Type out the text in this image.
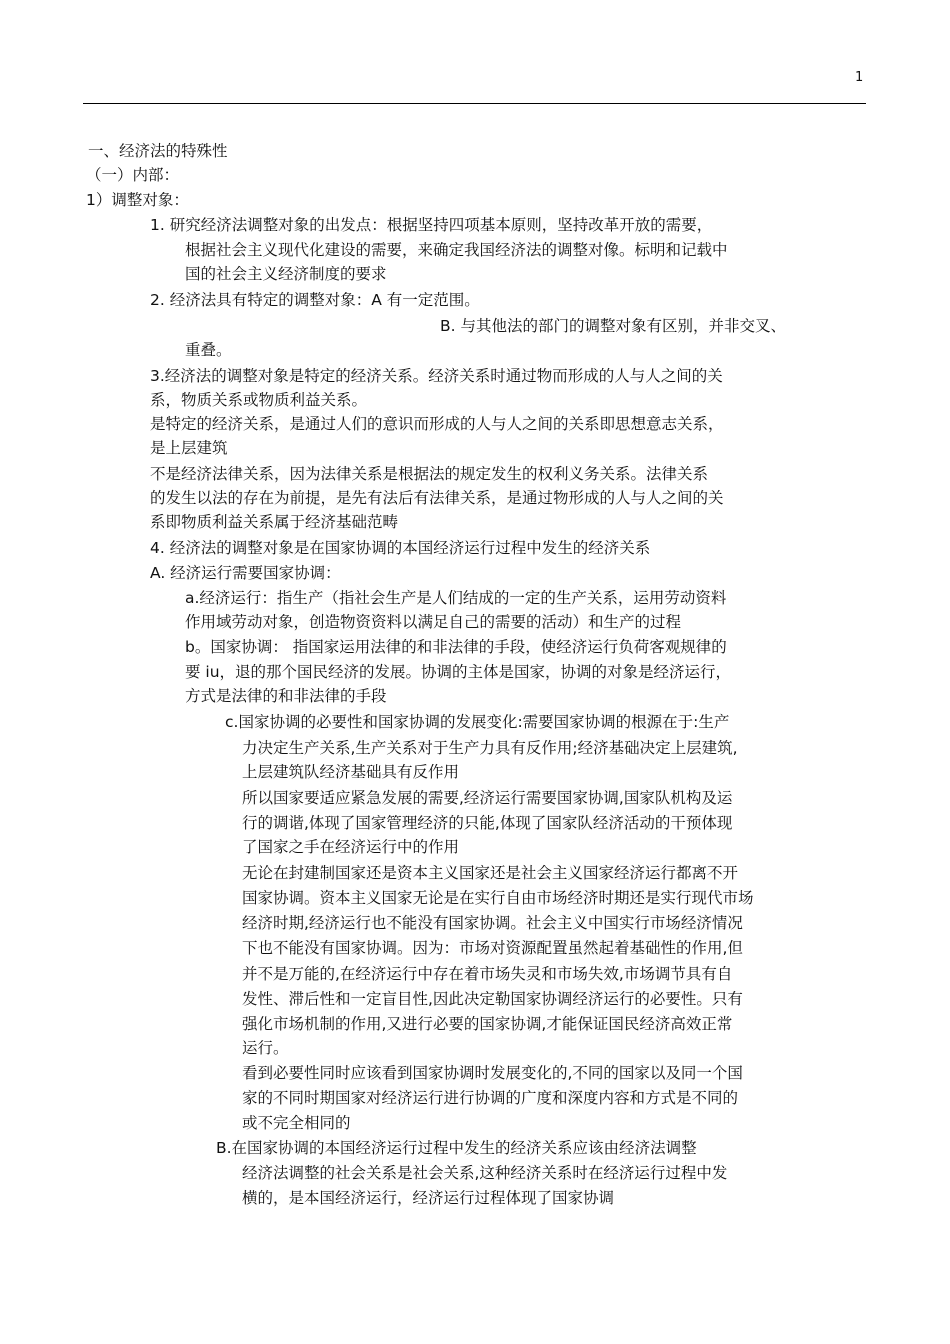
1
一、经济法的特殊性
（一）内部：
1）调整对象：
1. 研究经济法调整对象的出发点：根据坚持四项基本原则，坚持改革开放的需要，
根据社会主义现代化建设的需要，来确定我国经济法的调整对像。标明和记载中
国的社会主义经济制度的要求
2. 经济法具有特定的调整对象：A 有一定范围。
B. 与其他法的部门的调整对象有区别，并非交叉、
重叠。
3.经济法的调整对象是特定的经济关系。经济关系时通过物而形成的人与人之间的关
系，物质关系或物质利益关系。
是特定的经济关系，是通过人们的意识而形成的人与人之间的关系即思想意志关系，
是上层建筑
不是经济法律关系，因为法律关系是根据法的规定发生的权利义务关系。法律关系
的发生以法的存在为前提，是先有法后有法律关系，是通过物形成的人与人之间的关
系即物质利益关系属于经济基础范畴
4. 经济法的调整对象是在国家协调的本国经济运行过程中发生的经济关系
A. 经济运行需要国家协调：
a.经济运行：指生产（指社会生产是人们结成的一定的生产关系，运用劳动资料
作用域劳动对象，创造物资资料以满足自己的需要的活动）和生产的过程
b。国家协调： 指国家运用法律的和非法律的手段，使经济运行负荷客观规律的
要 iu，退的那个国民经济的发展。协调的主体是国家，协调的对象是经济运行，
方式是法律的和非法律的手段
c.国家协调的必要性和国家协调的发展变化:需要国家协调的根源在于:生产
力决定生产关系,生产关系对于生产力具有反作用;经济基础决定上层建筑,
上层建筑队经济基础具有反作用
所以国家要适应紧急发展的需要,经济运行需要国家协调,国家队机构及运
行的调谐,体现了国家管理经济的只能,体现了国家队经济活动的干预体现
了国家之手在经济运行中的作用
无论在封建制国家还是资本主义国家还是社会主义国家经济运行都离不开
国家协调。资本主义国家无论是在实行自由市场经济时期还是实行现代市场
经济时期,经济运行也不能没有国家协调。社会主义中国实行市场经济情况
下也不能没有国家协调。因为：市场对资源配置虽然起着基础性的作用,但
并不是万能的,在经济运行中存在着市场失灵和市场失效,市场调节具有自
发性、滞后性和一定盲目性,因此决定勒国家协调经济运行的必要性。只有
强化市场机制的作用,又进行必要的国家协调,才能保证国民经济高效正常
运行。
看到必要性同时应该看到国家协调时发展变化的,不同的国家以及同一个国
家的不同时期国家对经济运行进行协调的广度和深度内容和方式是不同的
或不完全相同的
B.在国家协调的本国经济运行过程中发生的经济关系应该由经济法调整
经济法调整的社会关系是社会关系,这种经济关系时在经济运行过程中发
横的，是本国经济运行，经济运行过程体现了国家协调
